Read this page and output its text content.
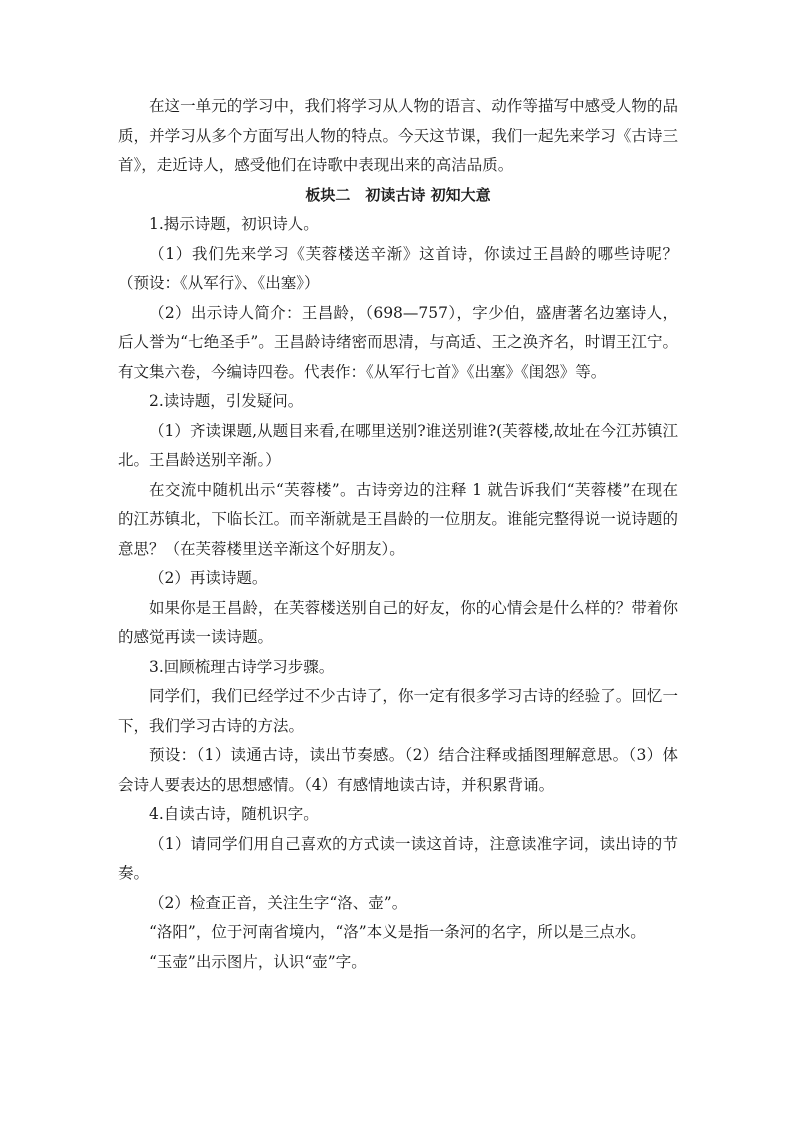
在这一单元的学习中，我们将学习从人物的语言、动作等描写中感受人物的品质，并学习从多个方面写出人物的特点。今天这节课，我们一起先来学习《古诗三首》，走近诗人，感受他们在诗歌中表现出来的高洁品质。

板块二　初读古诗 初知大意

1.揭示诗题，初识诗人。

（1）我们先来学习《芙蓉楼送辛渐》这首诗，你读过王昌龄的哪些诗呢？（预设：《从军行》、《出塞》）

（2）出示诗人简介：王昌龄，（698—757），字少伯，盛唐著名边塞诗人，后人誉为“七绝圣手”。王昌龄诗绪密而思清，与高适、王之涣齐名，时谓王江宁。有文集六卷，今编诗四卷。代表作：《从军行七首》《出塞》《闺怨》等。

2.读诗题，引发疑问。

（1）齐读课题,从题目来看,在哪里送别?谁送别谁?(芙蓉楼,故址在今江苏镇江北。王昌龄送别辛渐。）

在交流中随机出示“芙蓉楼”。古诗旁边的注释 1 就告诉我们“芙蓉楼”在现在的江苏镇北，下临长江。而辛渐就是王昌龄的一位朋友。谁能完整得说一说诗题的意思？（在芙蓉楼里送辛渐这个好朋友）。

（2）再读诗题。

如果你是王昌龄，在芙蓉楼送别自己的好友，你的心情会是什么样的？带着你的感觉再读一读诗题。

3.回顾梳理古诗学习步骤。

同学们，我们已经学过不少古诗了，你一定有很多学习古诗的经验了。回忆一下，我们学习古诗的方法。

预设：（1）读通古诗，读出节奏感。（2）结合注释或插图理解意思。（3）体会诗人要表达的思想感情。（4）有感情地读古诗，并积累背诵。

4.自读古诗，随机识字。

（1）请同学们用自己喜欢的方式读一读这首诗，注意读准字词，读出诗的节奏。

（2）检查正音，关注生字“洛、壶”。

“洛阳”，位于河南省境内，“洛”本义是指一条河的名字，所以是三点水。

“玉壶”出示图片，认识“壶”字。
